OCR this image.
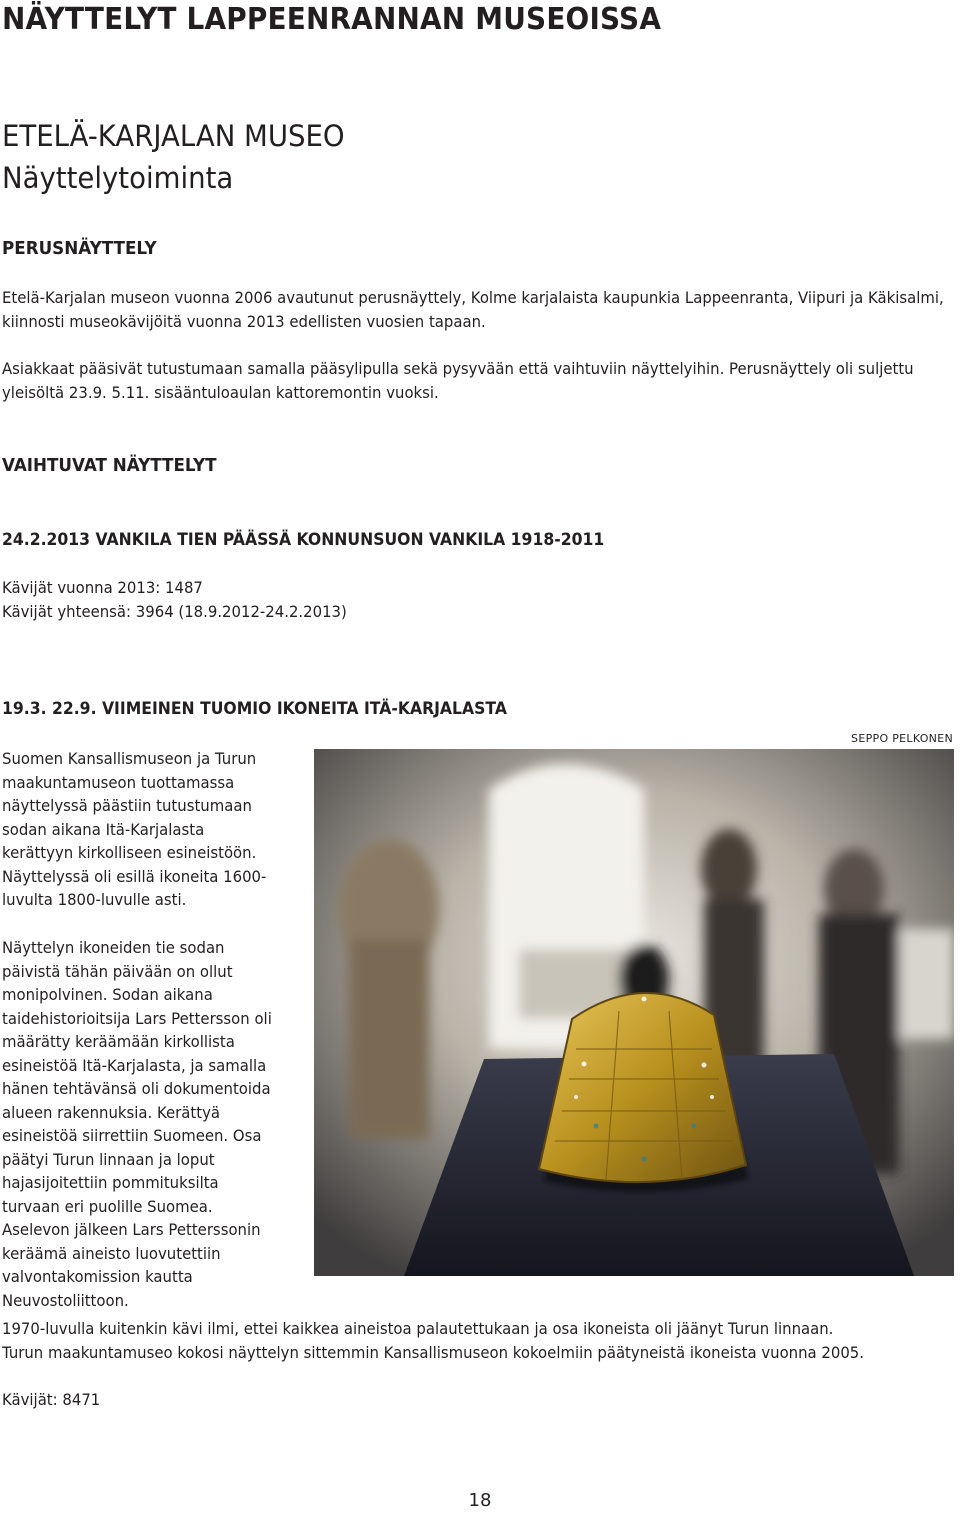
NÄYTTELYT LAPPEENRANNAN MUSEOISSA
ETELÄ-KARJALAN MUSEO
Näyttelytoiminta
PERUSNÄYTTELY

Etelä-Karjalan museon vuonna 2006 avautunut perusnäyttely, Kolme karjalaista kaupunkia Lappeenranta, Viipuri ja Käkisalmi, kiinnosti museokävijöitä vuonna 2013 edellisten vuosien tapaan.

Asiakkaat pääsivät tutustumaan samalla pääsylipulla sekä pysyvään että vaihtuviin näyttelyihin. Perusnäyttely oli suljettu yleisöltä 23.9. 5.11. sisääntuloaulan kattoremontin vuoksi.

VAIHTUVAT NÄYTTELYT
24.2.2013 VANKILA TIEN PÄÄSSÄ KONNUNSUON VANKILA 1918-2011
Kävijät vuonna 2013: 1487
Kävijät yhteensä: 3964 (18.9.2012-24.2.2013)
19.3. 22.9. VIIMEINEN TUOMIO IKONEITA ITÄ-KARJALASTA

Suomen Kansallismuseon ja Turun maakuntamuseon tuottamassa näyttelyssä päästiin tutustumaan sodan aikana Itä-Karjalasta kerättyyn kirkolliseen esineistöön. Näyttelyssä oli esillä ikoneita 1600-luvulta 1800-luvulle asti.

Näyttelyn ikoneiden tie sodan päivistä tähän päivään on ollut monipolvinen. Sodan aikana taidehistorioitsija Lars Pettersson oli määrätty keräämään kirkollista esineistöä Itä-Karjalasta, ja samalla hänen tehtävänsä oli dokumentoida alueen rakennuksia. Kerättyä esineistöä siirrettiin Suomeen. Osa päätyi Turun linnaan ja loput hajasijoitettiin pommituksilta turvaan eri puolille Suomea. Aselevon jälkeen Lars Petterssonin keräämä aineisto luovutettiin valvontakomission kautta Neuvostoliittoon.

SEPPO PELKONEN
1970-luvulla kuitenkin kävi ilmi, ettei kaikkea aineistoa palautettukaan ja osa ikoneista oli jäänyt Turun linnaan.
Turun maakuntamuseo kokosi näyttelyn sittemmin Kansallismuseon kokoelmiin päätyneistä ikoneista vuonna 2005.
Kävijät: 8471
18
